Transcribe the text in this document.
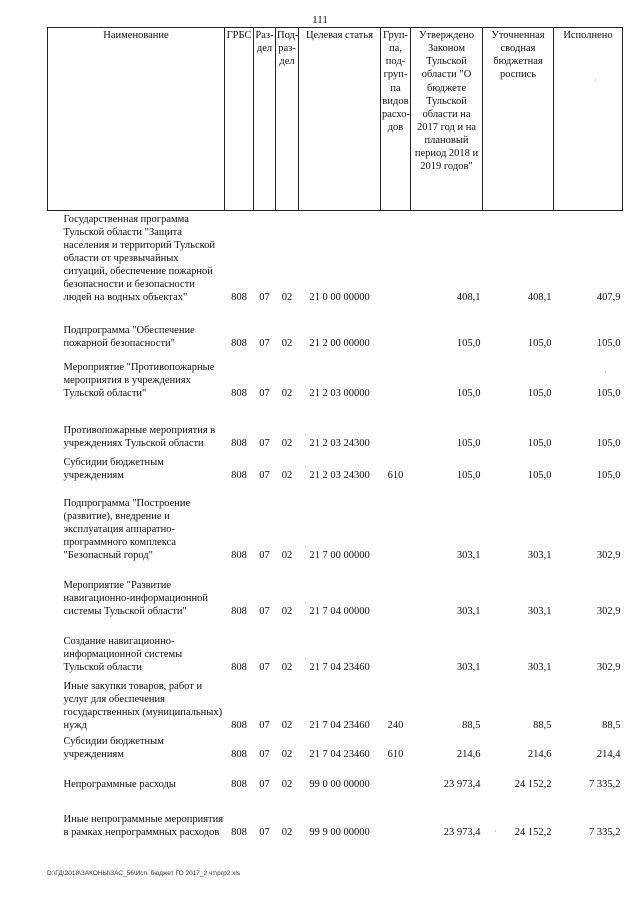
111
Наименование	ГРБС	Раз-дел	Под-раз-дел	Целевая статья	Груп-па, под-груп-па видов расхо-дов	Утверждено Законом Тульской области "О бюджете Тульской области на 2017 год и на плановый период 2018 и 2019 годов"	Уточненная сводная бюджетная роспись	Исполнено
Государственная программа Тульской области "Защита населения и территорий Тульской области от чрезвычайных ситуаций, обеспечение пожарной безопасности и безопасности людей на водных объектах"	808	07	02	21 0 00 00000		408,1	408,1	407,9
Подпрограмма "Обеспечение пожарной безопасности"	808	07	02	21 2 00 00000		105,0	105,0	105,0
Мероприятие "Противопожарные мероприятия в учреждениях Тульской области"	808	07	02	21 2 03 00000		105,0	105,0	105,0
Противопожарные мероприятия в учреждениях Тульской области	808	07	02	21 2 03 24300		105,0	105,0	105,0
Субсидии бюджетным учреждениям	808	07	02	21 2 03 24300	610	105,0	105,0	105,0
Подпрограмма "Построение (развитие), внедрение и эксплуатация аппаратно-программного комплекса "Безопасный город"	808	07	02	21 7 00 00000		303,1	303,1	302,9
Мероприятие "Развитие навигационно-информационной системы Тульской области"	808	07	02	21 7 04 00000		303,1	303,1	302,9
Создание навигационно-информационной системы Тульской области	808	07	02	21 7 04 23460		303,1	303,1	302,9
Иные закупки товаров, работ и услуг для обеспечения государственных (муниципальных) нужд	808	07	02	21 7 04 23460	240	88,5	88,5	88,5
Субсидии бюджетным учреждениям	808	07	02	21 7 04 23460	610	214,6	214,6	214,4
Непрограммные расходы	808	07	02	99 0 00 00000		23 973,4	24 152,2	7 335,2
Иные непрограммные мероприятия в рамках непрограммных расходов	808	07	02	99 9 00 00000		23 973,4	24 152,2	7 335,2
·
·
·
D:\ГД\2018\ЗАКОНЫ\ЗАС_56\Исп. бюджет ГО 2017_2 чт\ргр2.xls
